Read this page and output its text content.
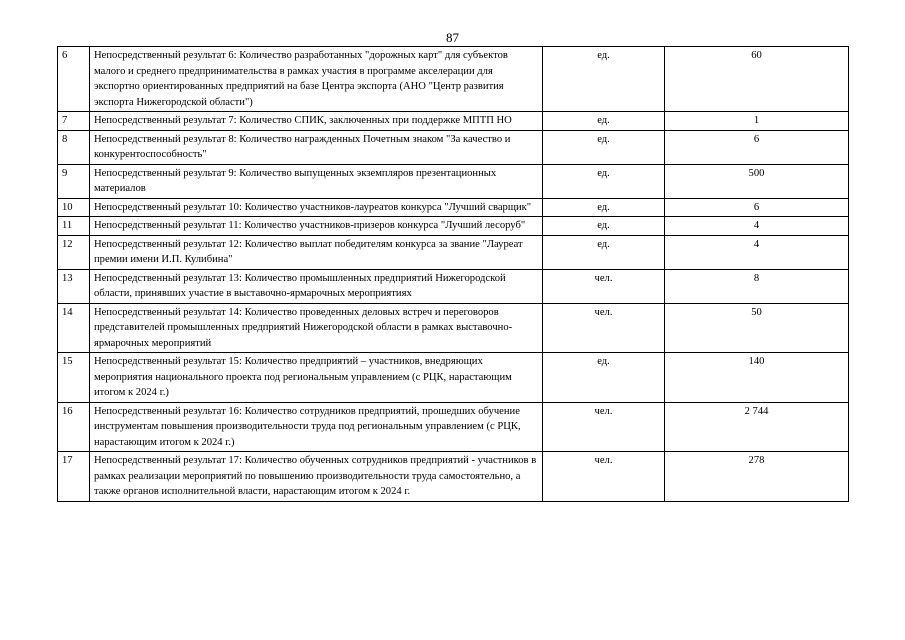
87
6	Непосредственный результат 6: Количество разработанных "дорожных карт" для субъектов малого и среднего предпринимательства в рамках участия в программе акселерации для экспортно ориентированных предприятий на базе Центра экспорта (АНО "Центр развития экспорта Нижегородской области")	ед.	60
7	Непосредственный результат 7: Количество СПИК, заключенных при поддержке МПТП НО	ед.	1
8	Непосредственный результат 8: Количество награжденных Почетным знаком "За качество и конкурентоспособность"	ед.	6
9	Непосредственный результат 9: Количество выпущенных экземпляров презентационных материалов	ед.	500
10	Непосредственный результат 10: Количество участников-лауреатов конкурса "Лучший сварщик"	ед.	6
11	Непосредственный результат 11: Количество участников-призеров конкурса "Лучший лесоруб"	ед.	4
12	Непосредственный результат 12: Количество выплат победителям конкурса за звание "Лауреат премии имени И.П. Кулибина"	ед.	4
13	Непосредственный результат 13: Количество промышленных предприятий Нижегородской области, принявших участие в выставочно-ярмарочных мероприятиях	чел.	8
14	Непосредственный результат 14: Количество проведенных деловых встреч и переговоров представителей промышленных предприятий Нижегородской области в рамках выставочно-ярмарочных мероприятий	чел.	50
15	Непосредственный результат 15: Количество предприятий – участников, внедряющих мероприятия национального проекта под региональным управлением (с РЦК, нарастающим итогом к 2024 г.)	ед.	140
16	Непосредственный результат 16: Количество сотрудников предприятий, прошедших обучение инструментам повышения производительности труда под региональным управлением (с РЦК, нарастающим итогом к 2024 г.)	чел.	2 744
17	Непосредственный результат 17: Количество обученных сотрудников предприятий - участников в рамках реализации мероприятий по повышению производительности труда самостоятельно, а также органов исполнительной власти, нарастающим итогом к 2024 г.	чел.	278
